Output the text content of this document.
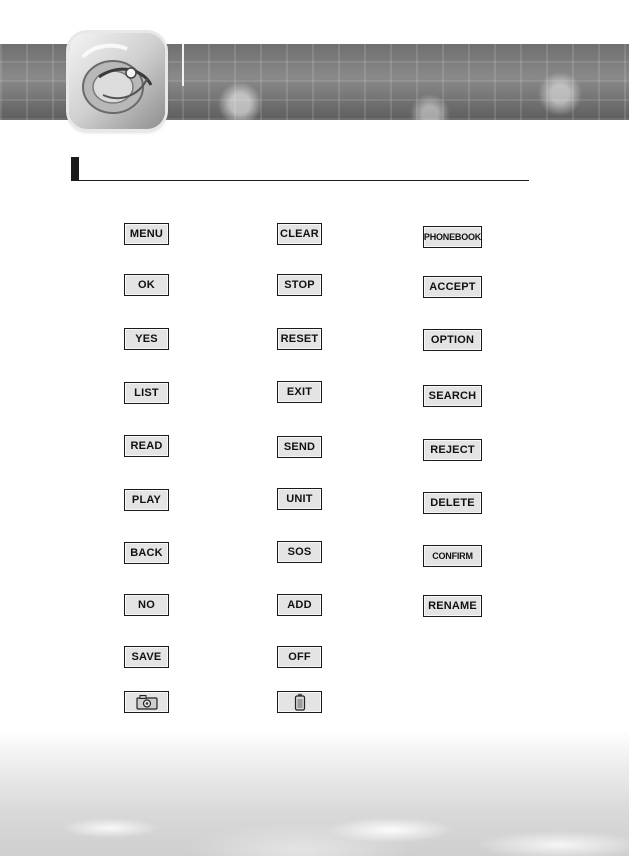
MENU
OK
YES
LIST
READ
PLAY
BACK
NO
SAVE
CLEAR
STOP
RESET
EXIT
SEND
UNIT
SOS
ADD
OFF
PHONEBOOK
ACCEPT
OPTION
SEARCH
REJECT
DELETE
CONFIRM
RENAME
